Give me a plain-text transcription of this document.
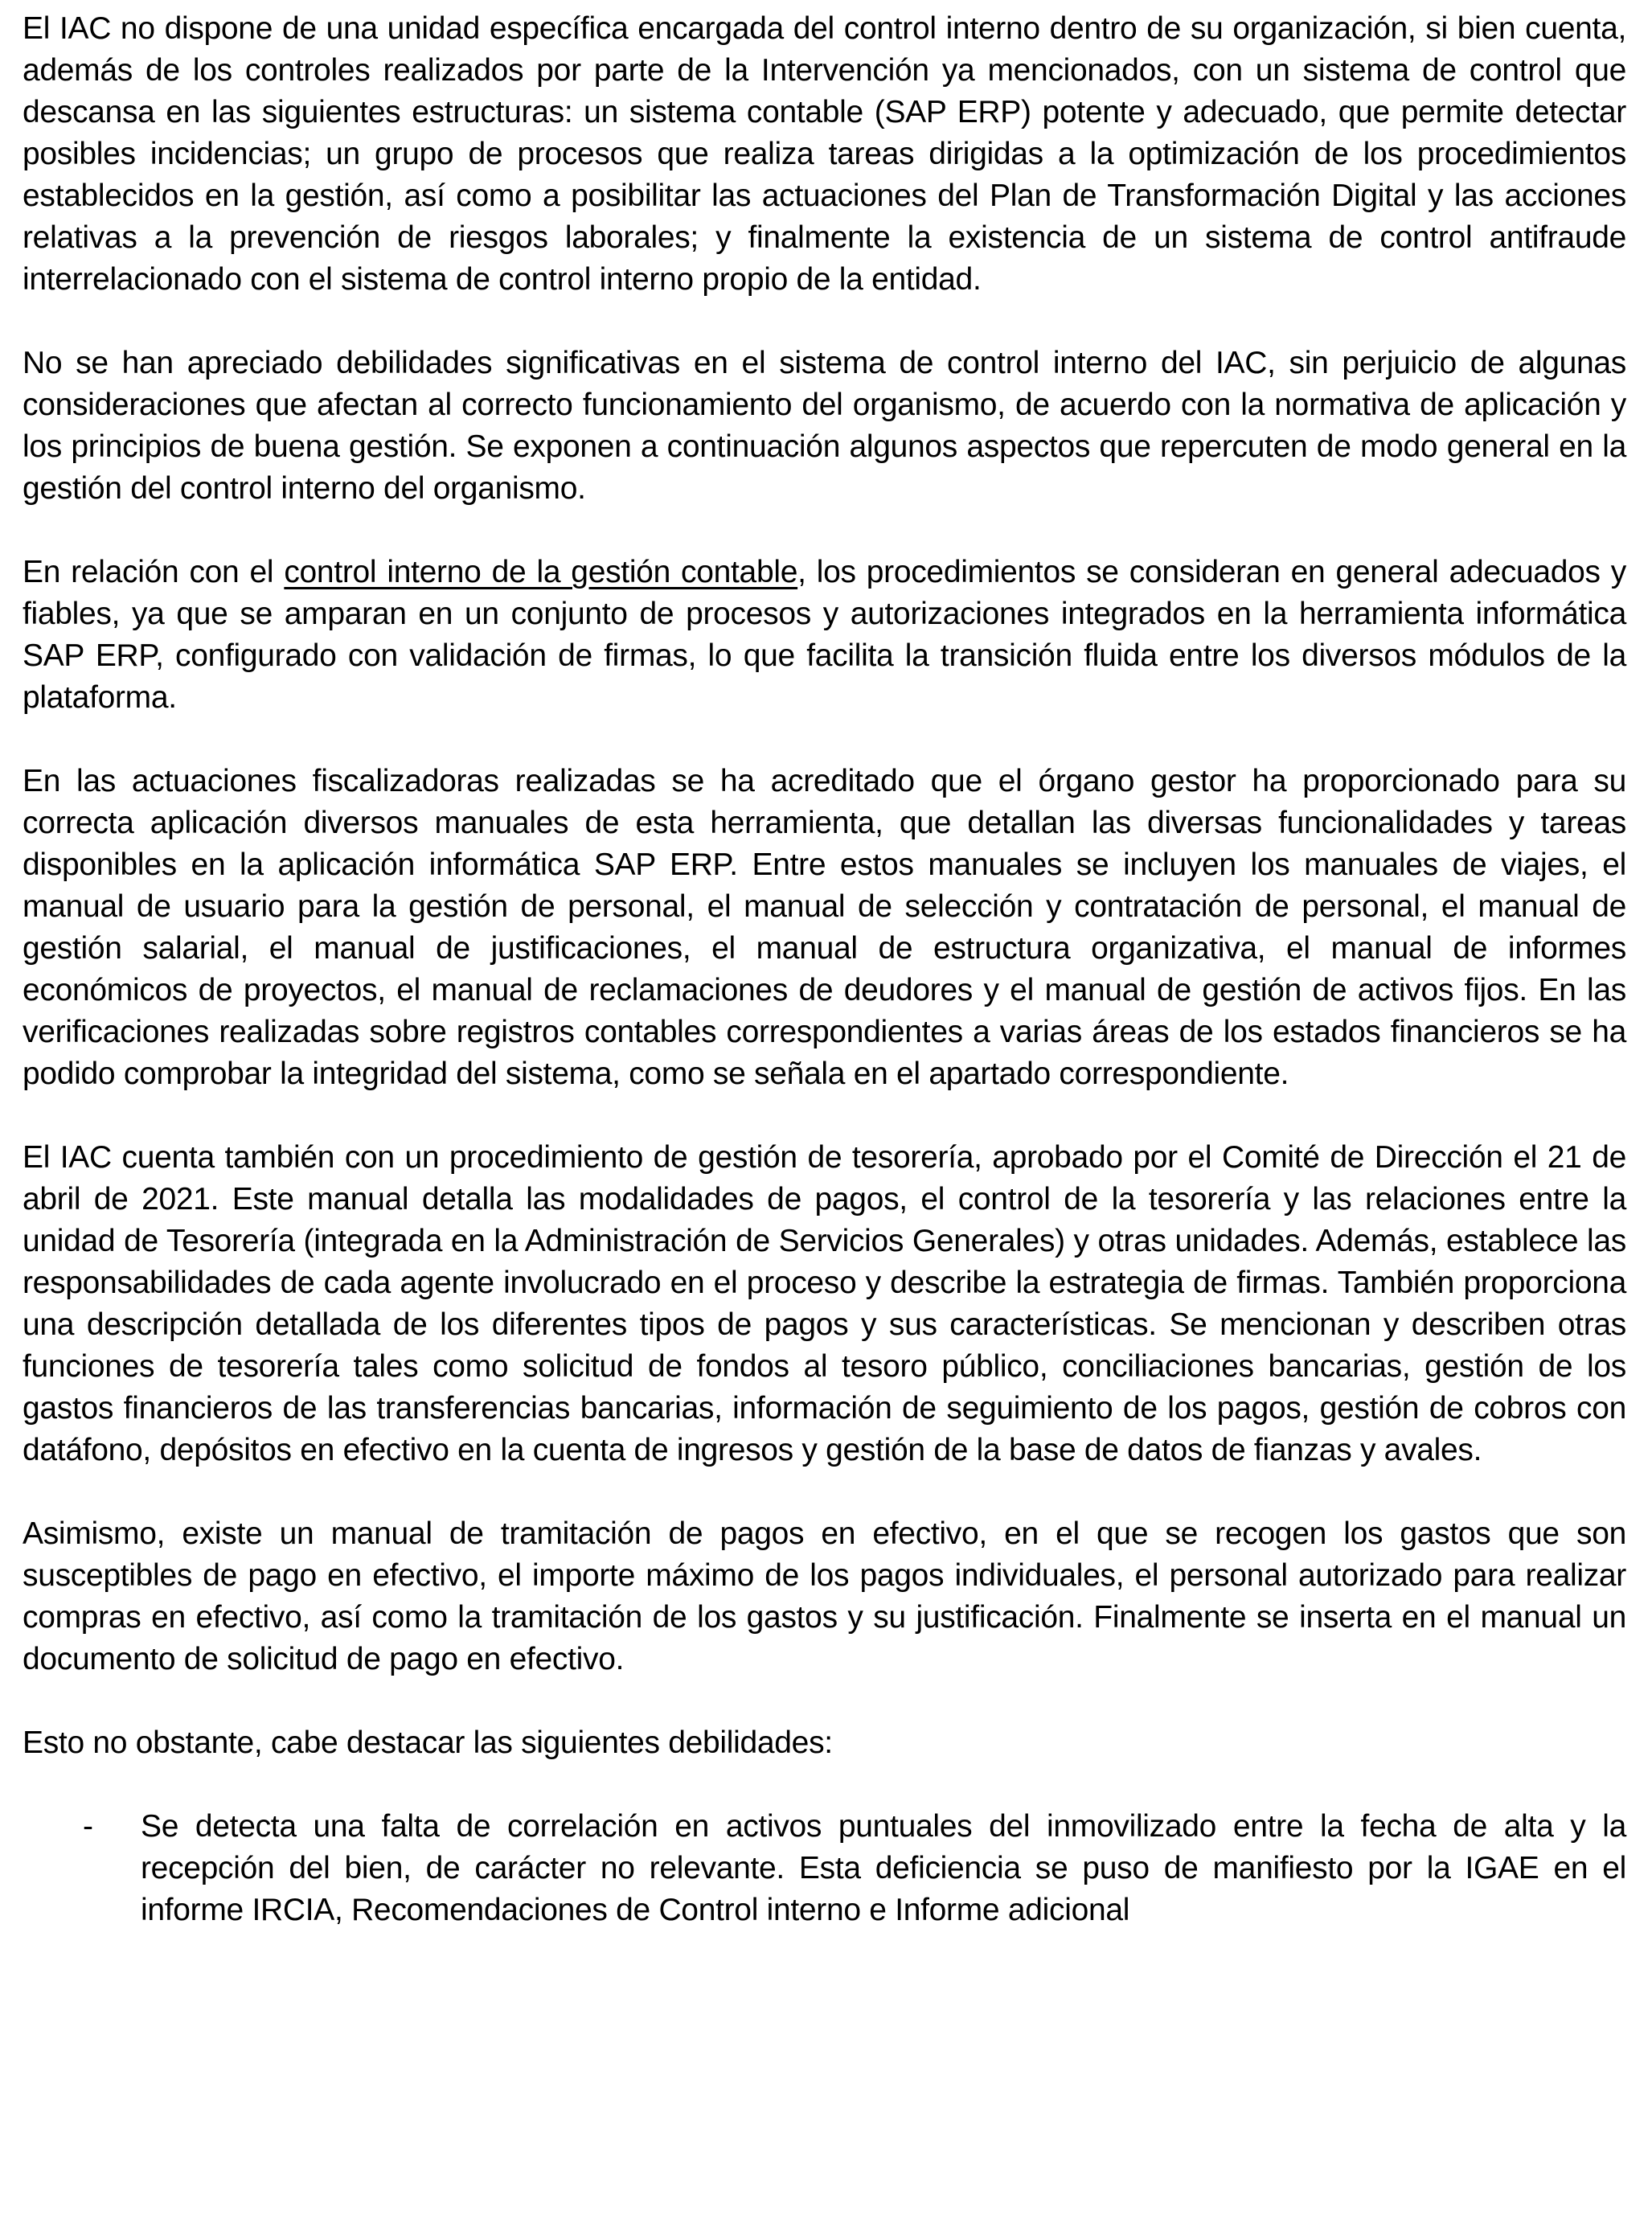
El IAC no dispone de una unidad específica encargada del control interno dentro de su organización, si bien cuenta, además de los controles realizados por parte de la Intervención ya mencionados, con un sistema de control que descansa en las siguientes estructuras: un sistema contable (SAP ERP) potente y adecuado, que permite detectar posibles incidencias; un grupo de procesos que realiza tareas dirigidas a la optimización de los procedimientos establecidos en la gestión, así como a posibilitar las actuaciones del Plan de Transformación Digital y las acciones relativas a la prevención de riesgos laborales; y finalmente la existencia de un sistema de control antifraude interrelacionado con el sistema de control interno propio de la entidad.

No se han apreciado debilidades significativas en el sistema de control interno del IAC, sin perjuicio de algunas consideraciones que afectan al correcto funcionamiento del organismo, de acuerdo con la normativa de aplicación y los principios de buena gestión. Se exponen a continuación algunos aspectos que repercuten de modo general en la gestión del control interno del organismo.

En relación con el control interno de la gestión contable, los procedimientos se consideran en general adecuados y fiables, ya que se amparan en un conjunto de procesos y autorizaciones integrados en la herramienta informática SAP ERP, configurado con validación de firmas, lo que facilita la transición fluida entre los diversos módulos de la plataforma.

En las actuaciones fiscalizadoras realizadas se ha acreditado que el órgano gestor ha proporcionado para su correcta aplicación diversos manuales de esta herramienta, que detallan las diversas funcionalidades y tareas disponibles en la aplicación informática SAP ERP. Entre estos manuales se incluyen los manuales de viajes, el manual de usuario para la gestión de personal, el manual de selección y contratación de personal, el manual de gestión salarial, el manual de justificaciones, el manual de estructura organizativa, el manual de informes económicos de proyectos, el manual de reclamaciones de deudores y el manual de gestión de activos fijos. En las verificaciones realizadas sobre registros contables correspondientes a varias áreas de los estados financieros se ha podido comprobar la integridad del sistema, como se señala en el apartado correspondiente.

El IAC cuenta también con un procedimiento de gestión de tesorería, aprobado por el Comité de Dirección el 21 de abril de 2021. Este manual detalla las modalidades de pagos, el control de la tesorería y las relaciones entre la unidad de Tesorería (integrada en la Administración de Servicios Generales) y otras unidades. Además, establece las responsabilidades de cada agente involucrado en el proceso y describe la estrategia de firmas. También proporciona una descripción detallada de los diferentes tipos de pagos y sus características. Se mencionan y describen otras funciones de tesorería tales como solicitud de fondos al tesoro público, conciliaciones bancarias, gestión de los gastos financieros de las transferencias bancarias, información de seguimiento de los pagos, gestión de cobros con datáfono, depósitos en efectivo en la cuenta de ingresos y gestión de la base de datos de fianzas y avales.

Asimismo, existe un manual de tramitación de pagos en efectivo, en el que se recogen los gastos que son susceptibles de pago en efectivo, el importe máximo de los pagos individuales, el personal autorizado para realizar compras en efectivo, así como la tramitación de los gastos y su justificación. Finalmente se inserta en el manual un documento de solicitud de pago en efectivo.

Esto no obstante, cabe destacar las siguientes debilidades:

- Se detecta una falta de correlación en activos puntuales del inmovilizado entre la fecha de alta y la recepción del bien, de carácter no relevante. Esta deficiencia se puso de manifiesto por la IGAE en el informe IRCIA, Recomendaciones de Control interno e Informe adicional
